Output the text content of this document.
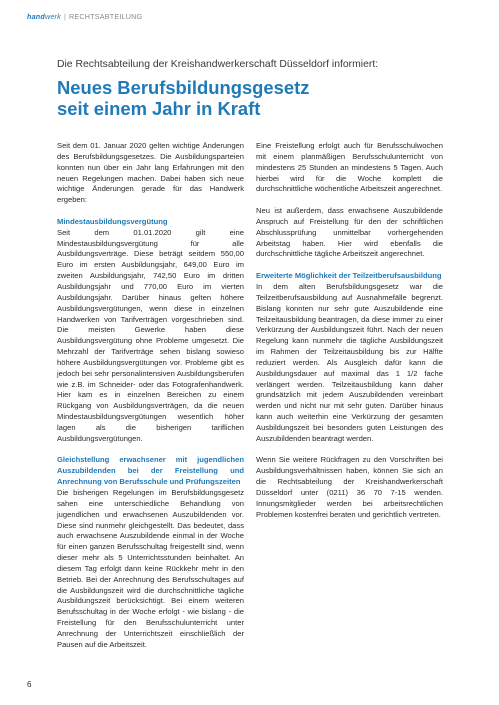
handwerk | RECHTSABTEILUNG
Die Rechtsabteilung der Kreishandwerkerschaft Düsseldorf informiert:
Neues Berufsbildungsgesetz
seit einem Jahr in Kraft

Seit dem 01. Januar 2020 gelten wichtige Änderungen des Berufsbildungsgesetzes. Die Ausbildungsparteien konnten nun über ein Jahr lang Erfahrungen mit den neuen Regelungen machen. Dabei haben sich neue wichtige Änderungen gerade für das Handwerk ergeben:

Mindestausbildungsvergütung

Seit dem 01.01.2020 gilt eine Mindestausbildungsvergütung für alle Ausbildungsverträge. Diese beträgt seitdem 550,00 Euro im ersten Ausbildungsjahr, 649,00 Euro im zweiten Ausbildungsjahr, 742,50 Euro im dritten Ausbildungsjahr und 770,00 Euro im vierten Ausbildungsjahr. Darüber hinaus gelten höhere Ausbildungsvergütungen, wenn diese in einzelnen Handwerken von Tarifverträgen vorgeschrieben sind. Die meisten Gewerke haben diese Ausbildungsvergütung ohne Probleme umgesetzt. Die Mehrzahl der Tarifverträge sehen bislang sowieso höhere Ausbildungsvergütungen vor. Probleme gibt es jedoch bei sehr personalintensiven Ausbildungsberufen wie z.B. im Schneider- oder das Fotografenhandwerk. Hier kam es in einzelnen Bereichen zu einem Rückgang von Ausbildungsverträgen, da die neuen Mindestausbildungsvergütungen wesentlich höher lagen als die bisherigen tariflichen Ausbildungsvergütungen.

Gleichstellung erwachsener mit jugendlichen Auszubildenden bei der Freistellung und Anrechnung von Berufsschule und Prüfungszeiten

Die bisherigen Regelungen im Berufsbildungsgesetz sahen eine unterschiedliche Behandlung von jugendlichen und erwachsenen Auszubildenden vor. Diese sind nunmehr gleichgestellt. Das bedeutet, dass auch erwachsene Auszubildende einmal in der Woche für einen ganzen Berufsschultag freigestellt sind, wenn dieser mehr als 5 Unterrichtsstunden beinhaltet. An diesem Tag erfolgt dann keine Rückkehr mehr in den Betrieb. Bei der Anrechnung des Berufsschultages auf die Ausbildungszeit wird die durchschnittliche tägliche Ausbildungszeit berücksichtigt. Bei einem weiteren Berufsschultag in der Woche erfolgt - wie bislang - die Freistellung für den Berufsschulunterricht unter Anrechnung der Unterrichtszeit einschließlich der Pausen auf die Arbeitszeit.

Eine Freistellung erfolgt auch für Berufsschulwochen mit einem planmäßigen Berufsschulunterricht von mindestens 25 Stunden an mindestens 5 Tagen. Auch hierbei wird für die Woche komplett die durchschnittliche wöchentliche Arbeitszeit angerechnet.

Neu ist außerdem, dass erwachsene Auszubildende Anspruch auf Freistellung für den der schriftlichen Abschlussprüfung unmittelbar vorhergehenden Arbeitstag haben. Hier wird ebenfalls die durchschnittliche tägliche Arbeitszeit angerechnet.

Erweiterte Möglichkeit der Teilzeitberufsausbildung

In dem alten Berufsbildungsgesetz war die Teilzeitberufsausbildung auf Ausnahmefälle begrenzt. Bislang konnten nur sehr gute Auszubildende eine Teilzeitausbildung beantragen, da diese immer zu einer Verkürzung der Ausbildungszeit führt. Nach der neuen Regelung kann nunmehr die tägliche Ausbildungszeit im Rahmen der Teilzeitausbildung bis zur Hälfte reduziert werden. Als Ausgleich dafür kann die Ausbildungsdauer auf maximal das 1 1/2 fache verlängert werden. Teilzeitausbildung kann daher grundsätzlich mit jedem Auszubildenden vereinbart werden und nicht nur mit sehr guten. Darüber hinaus kann auch weiterhin eine Verkürzung der gesamten Ausbildungszeit bei besonders guten Leistungen des Auszubildenden beantragt werden.

Wenn Sie weitere Rückfragen zu den Vorschriften bei Ausbildungsverhältnissen haben, können Sie sich an die Rechtsabteilung der Kreishandwerkerschaft Düsseldorf unter (0211) 36 70 7-15 wenden. Innungsmitglieder werden bei arbeitsrechtlichen Problemen kostenfrei beraten und gerichtlich vertreten.

6
